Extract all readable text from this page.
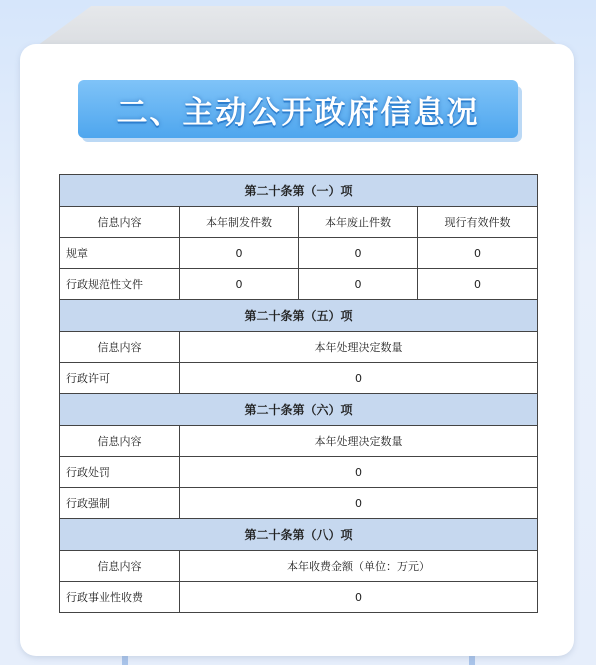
二、主动公开政府信息况
第二十条第（一）项			
信息内容	本年制发件数	本年废止件数	现行有效件数
规章	0	0	0
行政规范性文件	0	0	0
第二十条第（五）项			
信息内容	本年处理决定数量		
行政许可	0		
第二十条第（六）项			
信息内容	本年处理决定数量		
行政处罚	0		
行政强制	0		
第二十条第（八）项			
信息内容	本年收费金额（单位：万元）		
行政事业性收费	0		
